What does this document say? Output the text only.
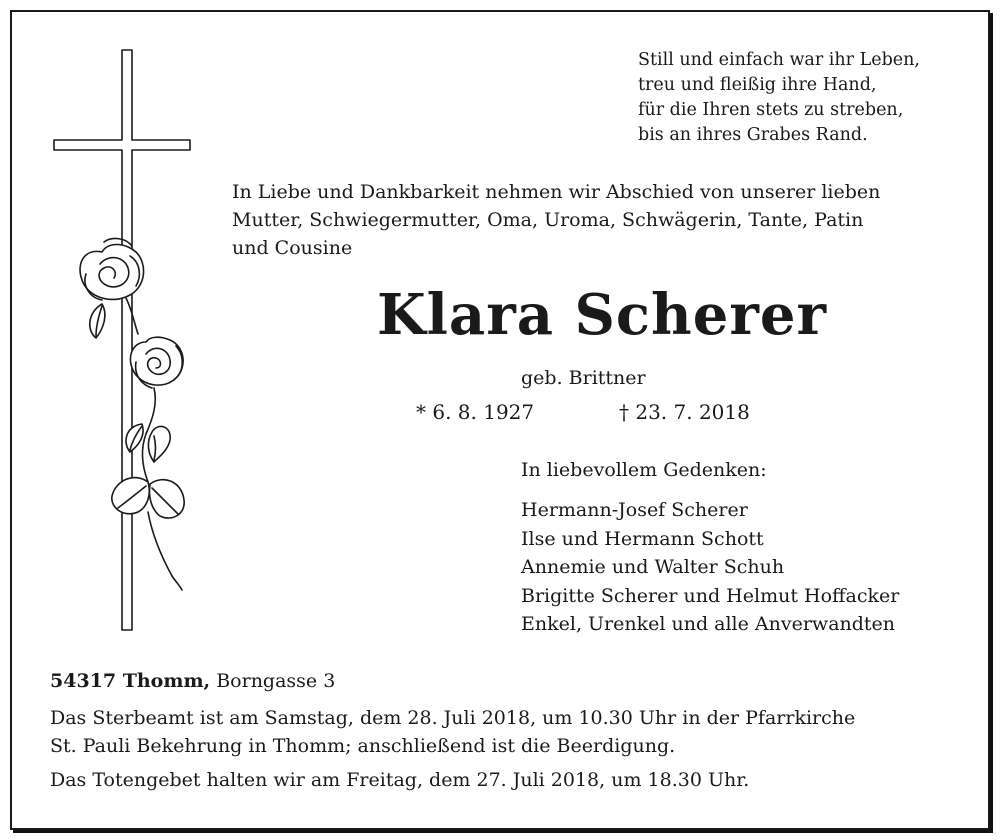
Still und einfach war ihr Leben,
treu und fleißig ihre Hand,
für die Ihren stets zu streben,
bis an ihres Grabes Rand.
In Liebe und Dankbarkeit nehmen wir Abschied von unserer lieben
Mutter, Schwiegermutter, Oma, Uroma, Schwägerin, Tante, Patin
und Cousine
Klara Scherer
geb. Brittner
* 6. 8. 1927	† 23. 7. 2018
In liebevollem Gedenken:
Hermann-Josef Scherer
Ilse und Hermann Schott
Annemie und Walter Schuh
Brigitte Scherer und Helmut Hoffacker
Enkel, Urenkel und alle Anverwandten
54317 Thomm, Borngasse 3
Das Sterbeamt ist am Samstag, dem 28. Juli 2018, um 10.30 Uhr in der Pfarrkirche
St. Pauli Bekehrung in Thomm; anschließend ist die Beerdigung.
Das Totengebet halten wir am Freitag, dem 27. Juli 2018, um 18.30 Uhr.
